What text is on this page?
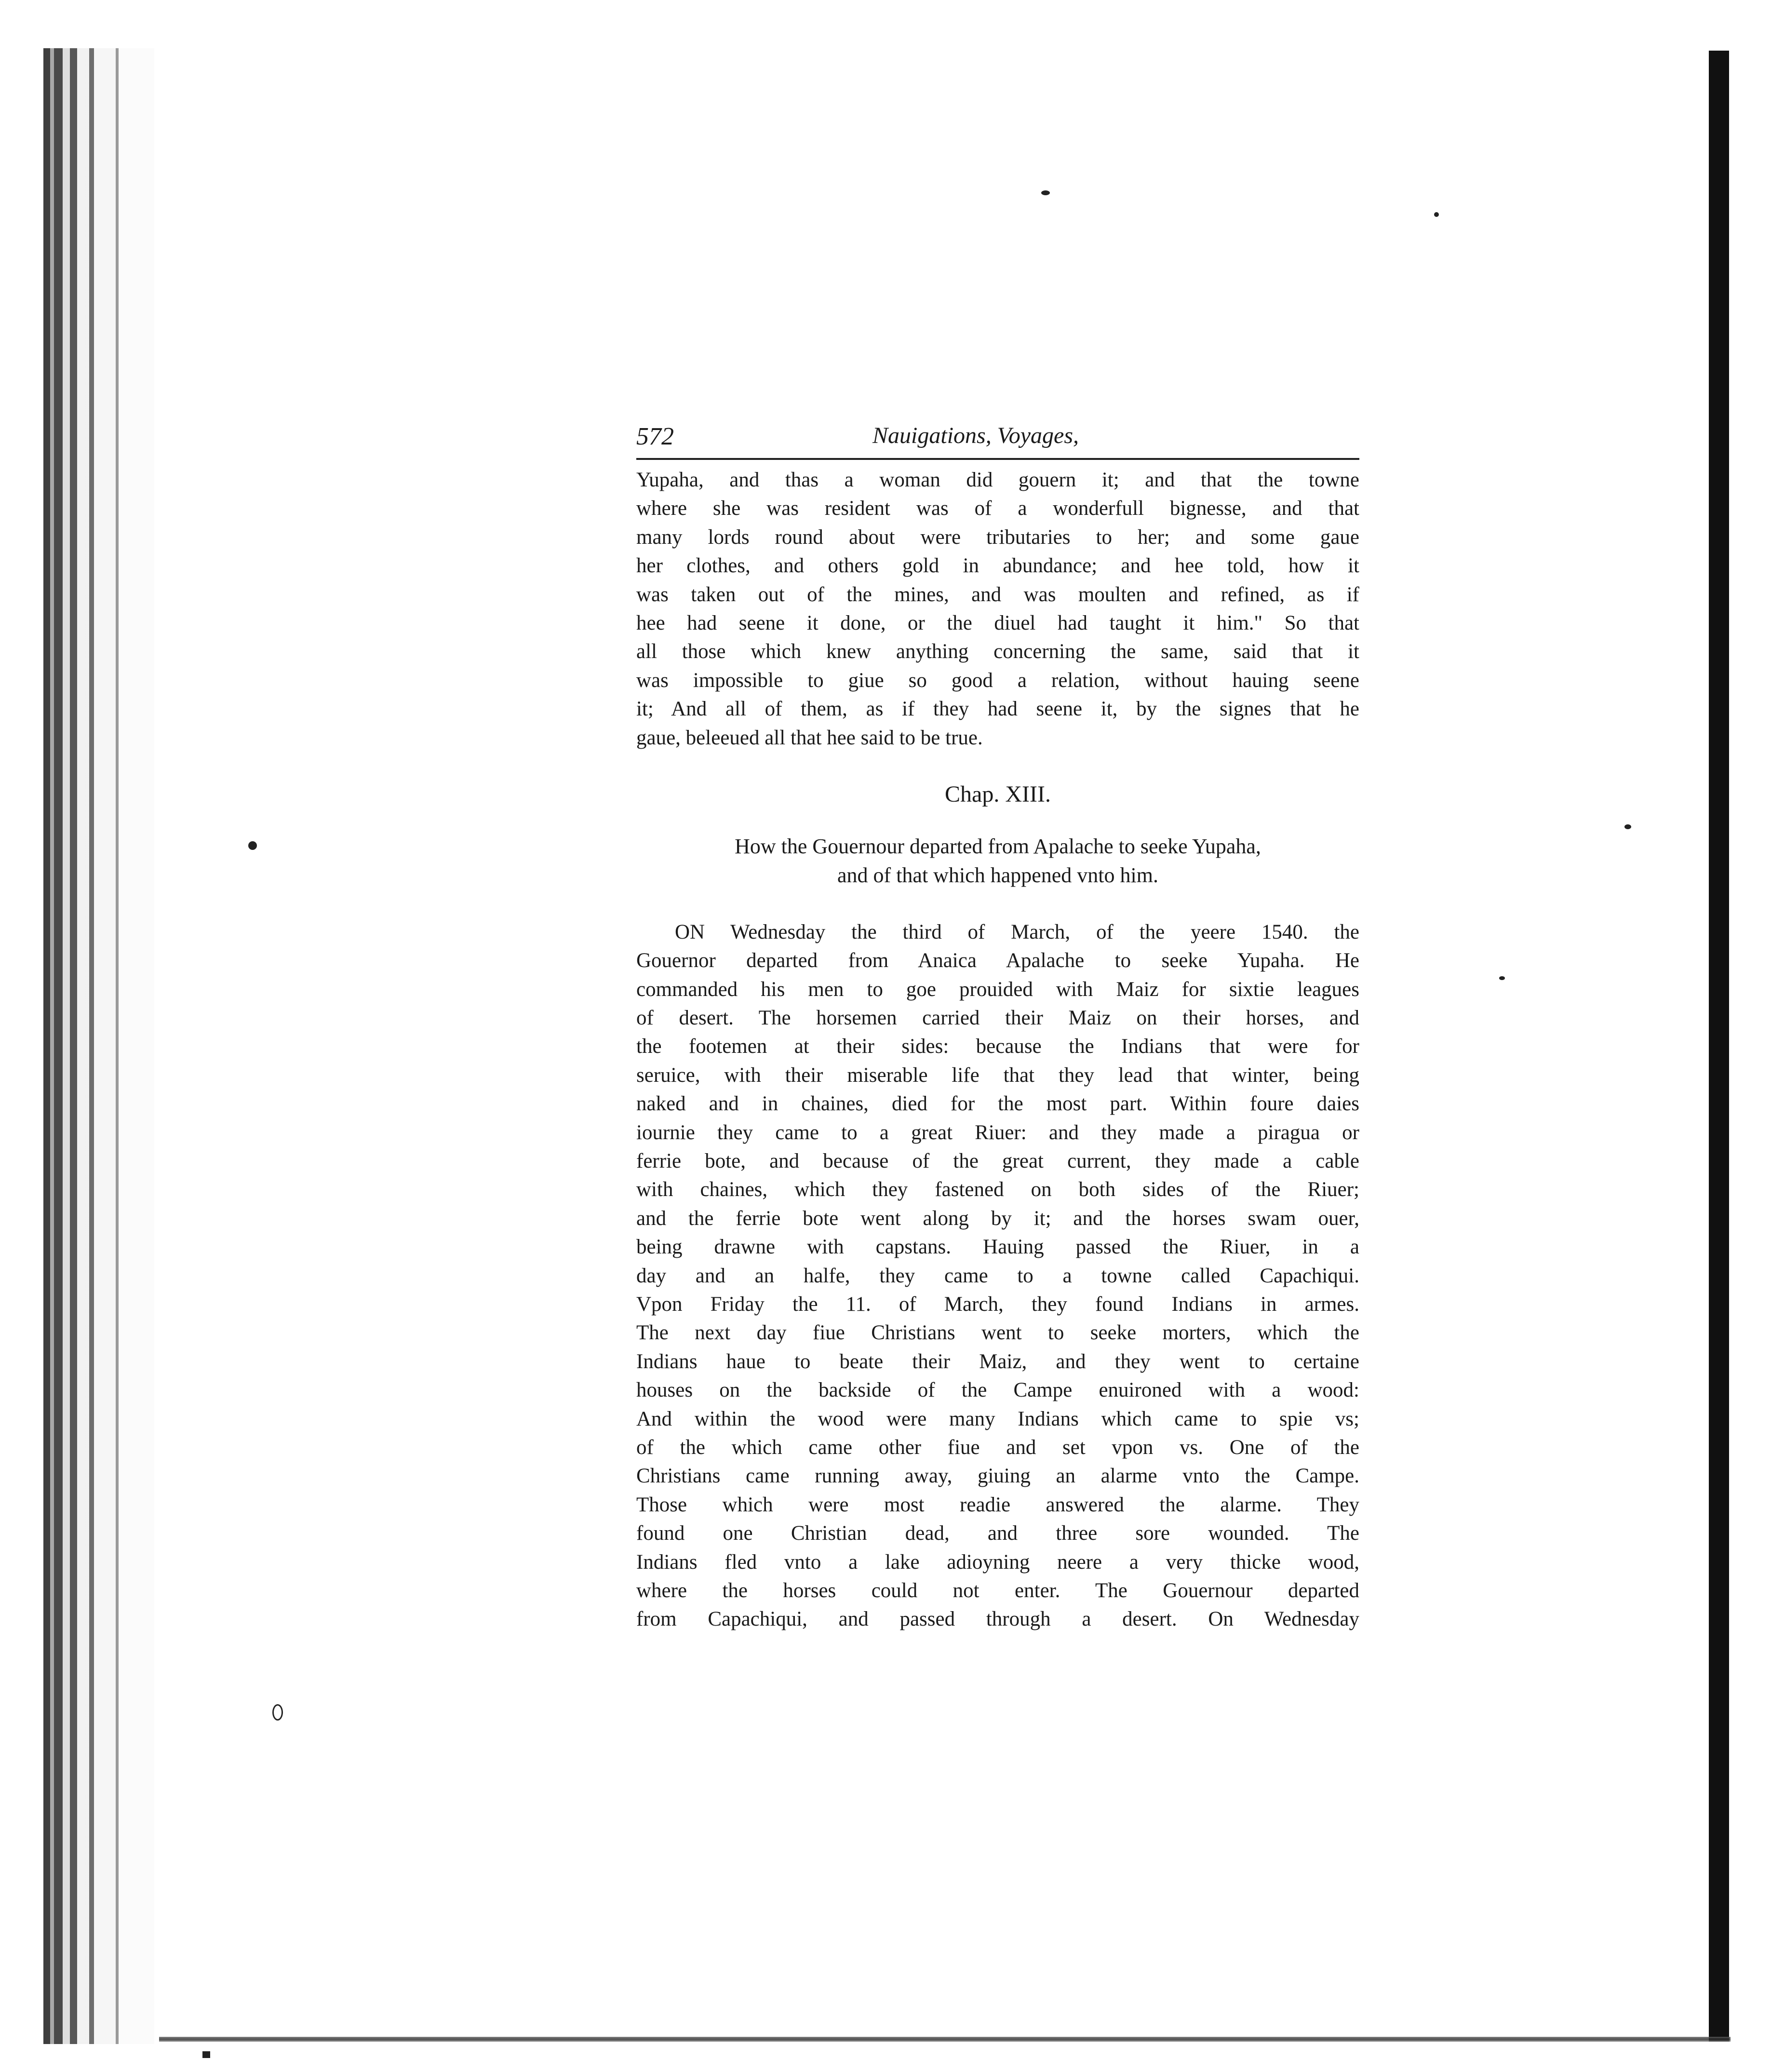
572	Nauigations, Voyages,
Yupaha, and thas a woman did gouern it; and that the towne
where she was resident was of a wonderfull bignesse, and that
many lords round about were tributaries to her; and some gaue
her clothes, and others gold in abundance; and hee told, how it
was taken out of the mines, and was moulten and refined, as if
hee had seene it done, or the diuel had taught it him." So that
all those which knew anything concerning the same, said that it
was impossible to giue so good a relation, without hauing seene
it; And all of them, as if they had seene it, by the signes that he
gaue, beleeued all that hee said to be true.
Chap. XIII.
How the Gouernour departed from Apalache to seeke Yupaha,
and of that which happened vnto him.
ON Wednesday the third of March, of the yeere 1540. the
Gouernor departed from Anaica Apalache to seeke Yupaha. He
commanded his men to goe prouided with Maiz for sixtie leagues
of desert. The horsemen carried their Maiz on their horses, and
the footemen at their sides: because the Indians that were for
seruice, with their miserable life that they lead that winter, being
naked and in chaines, died for the most part. Within foure daies
iournie they came to a great Riuer: and they made a piragua or
ferrie bote, and because of the great current, they made a cable
with chaines, which they fastened on both sides of the Riuer;
and the ferrie bote went along by it; and the horses swam ouer,
being drawne with capstans. Hauing passed the Riuer, in a
day and an halfe, they came to a towne called Capachiqui.
Vpon Friday the 11. of March, they found Indians in armes.
The next day fiue Christians went to seeke morters, which the
Indians haue to beate their Maiz, and they went to certaine
houses on the backside of the Campe enuironed with a wood:
And within the wood were many Indians which came to spie vs;
of the which came other fiue and set vpon vs. One of the
Christians came running away, giuing an alarme vnto the Campe.
Those which were most readie answered the alarme. They
found one Christian dead, and three sore wounded. The
Indians fled vnto a lake adioyning neere a very thicke wood,
where the horses could not enter. The Gouernour departed
from Capachiqui, and passed through a desert. On Wednesday
